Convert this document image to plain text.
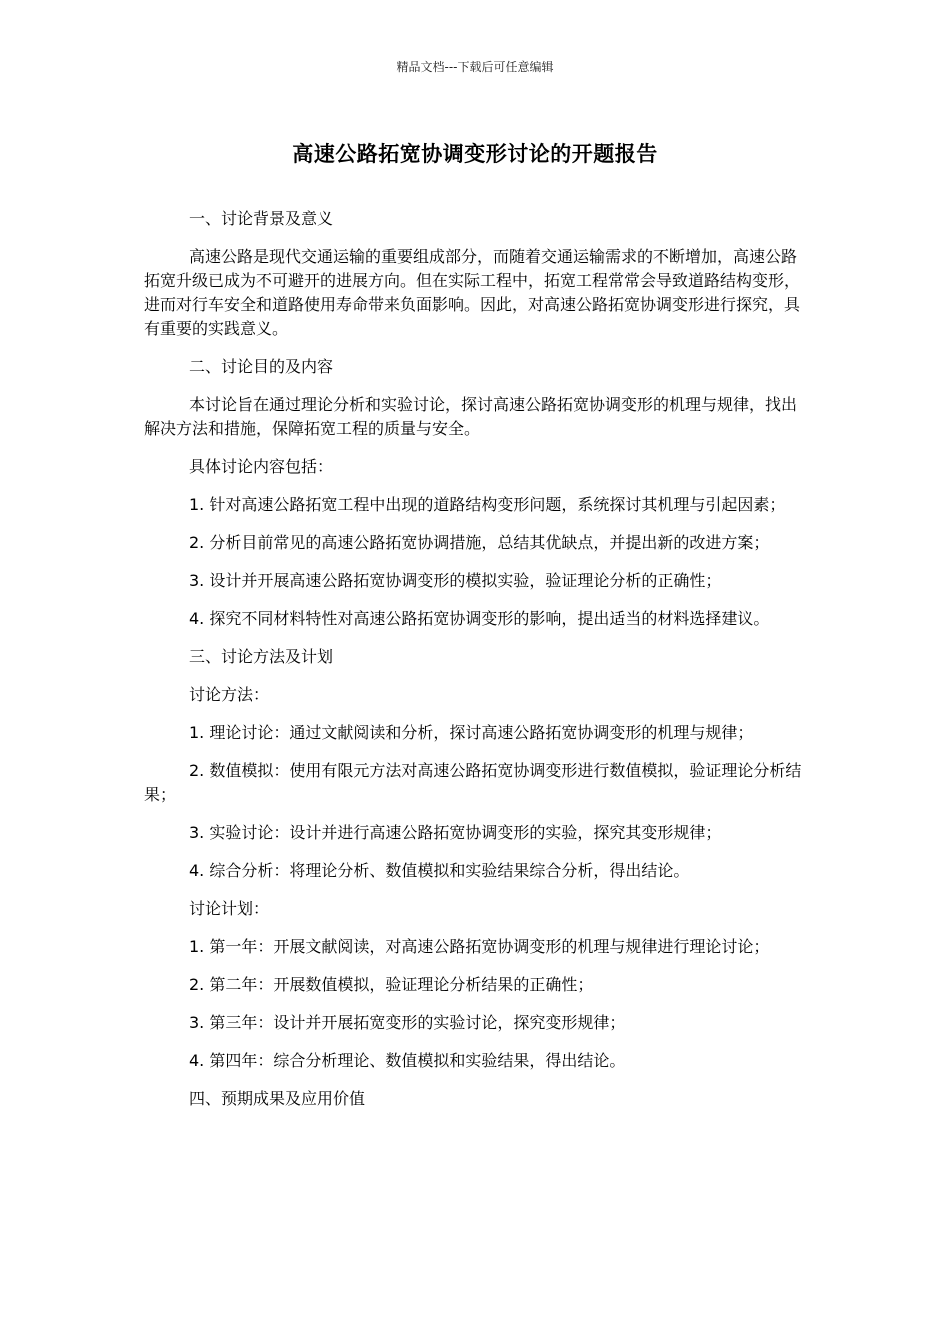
精品文档---下载后可任意编辑
高速公路拓宽协调变形讨论的开题报告

一、讨论背景及意义

高速公路是现代交通运输的重要组成部分，而随着交通运输需求的不断增加，高速公路拓宽升级已成为不可避开的进展方向。但在实际工程中，拓宽工程常常会导致道路结构变形，进而对行车安全和道路使用寿命带来负面影响。因此，对高速公路拓宽协调变形进行探究，具有重要的实践意义。

二、讨论目的及内容

本讨论旨在通过理论分析和实验讨论，探讨高速公路拓宽协调变形的机理与规律，找出解决方法和措施，保障拓宽工程的质量与安全。

具体讨论内容包括：

1. 针对高速公路拓宽工程中出现的道路结构变形问题，系统探讨其机理与引起因素；

2. 分析目前常见的高速公路拓宽协调措施，总结其优缺点，并提出新的改进方案；

3. 设计并开展高速公路拓宽协调变形的模拟实验，验证理论分析的正确性；

4. 探究不同材料特性对高速公路拓宽协调变形的影响，提出适当的材料选择建议。

三、讨论方法及计划

讨论方法：

1. 理论讨论：通过文献阅读和分析，探讨高速公路拓宽协调变形的机理与规律；

2. 数值模拟：使用有限元方法对高速公路拓宽协调变形进行数值模拟，验证理论分析结果；

3. 实验讨论：设计并进行高速公路拓宽协调变形的实验，探究其变形规律；

4. 综合分析：将理论分析、数值模拟和实验结果综合分析，得出结论。

讨论计划：

1. 第一年：开展文献阅读，对高速公路拓宽协调变形的机理与规律进行理论讨论；

2. 第二年：开展数值模拟，验证理论分析结果的正确性；

3. 第三年：设计并开展拓宽变形的实验讨论，探究变形规律；

4. 第四年：综合分析理论、数值模拟和实验结果，得出结论。

四、预期成果及应用价值
